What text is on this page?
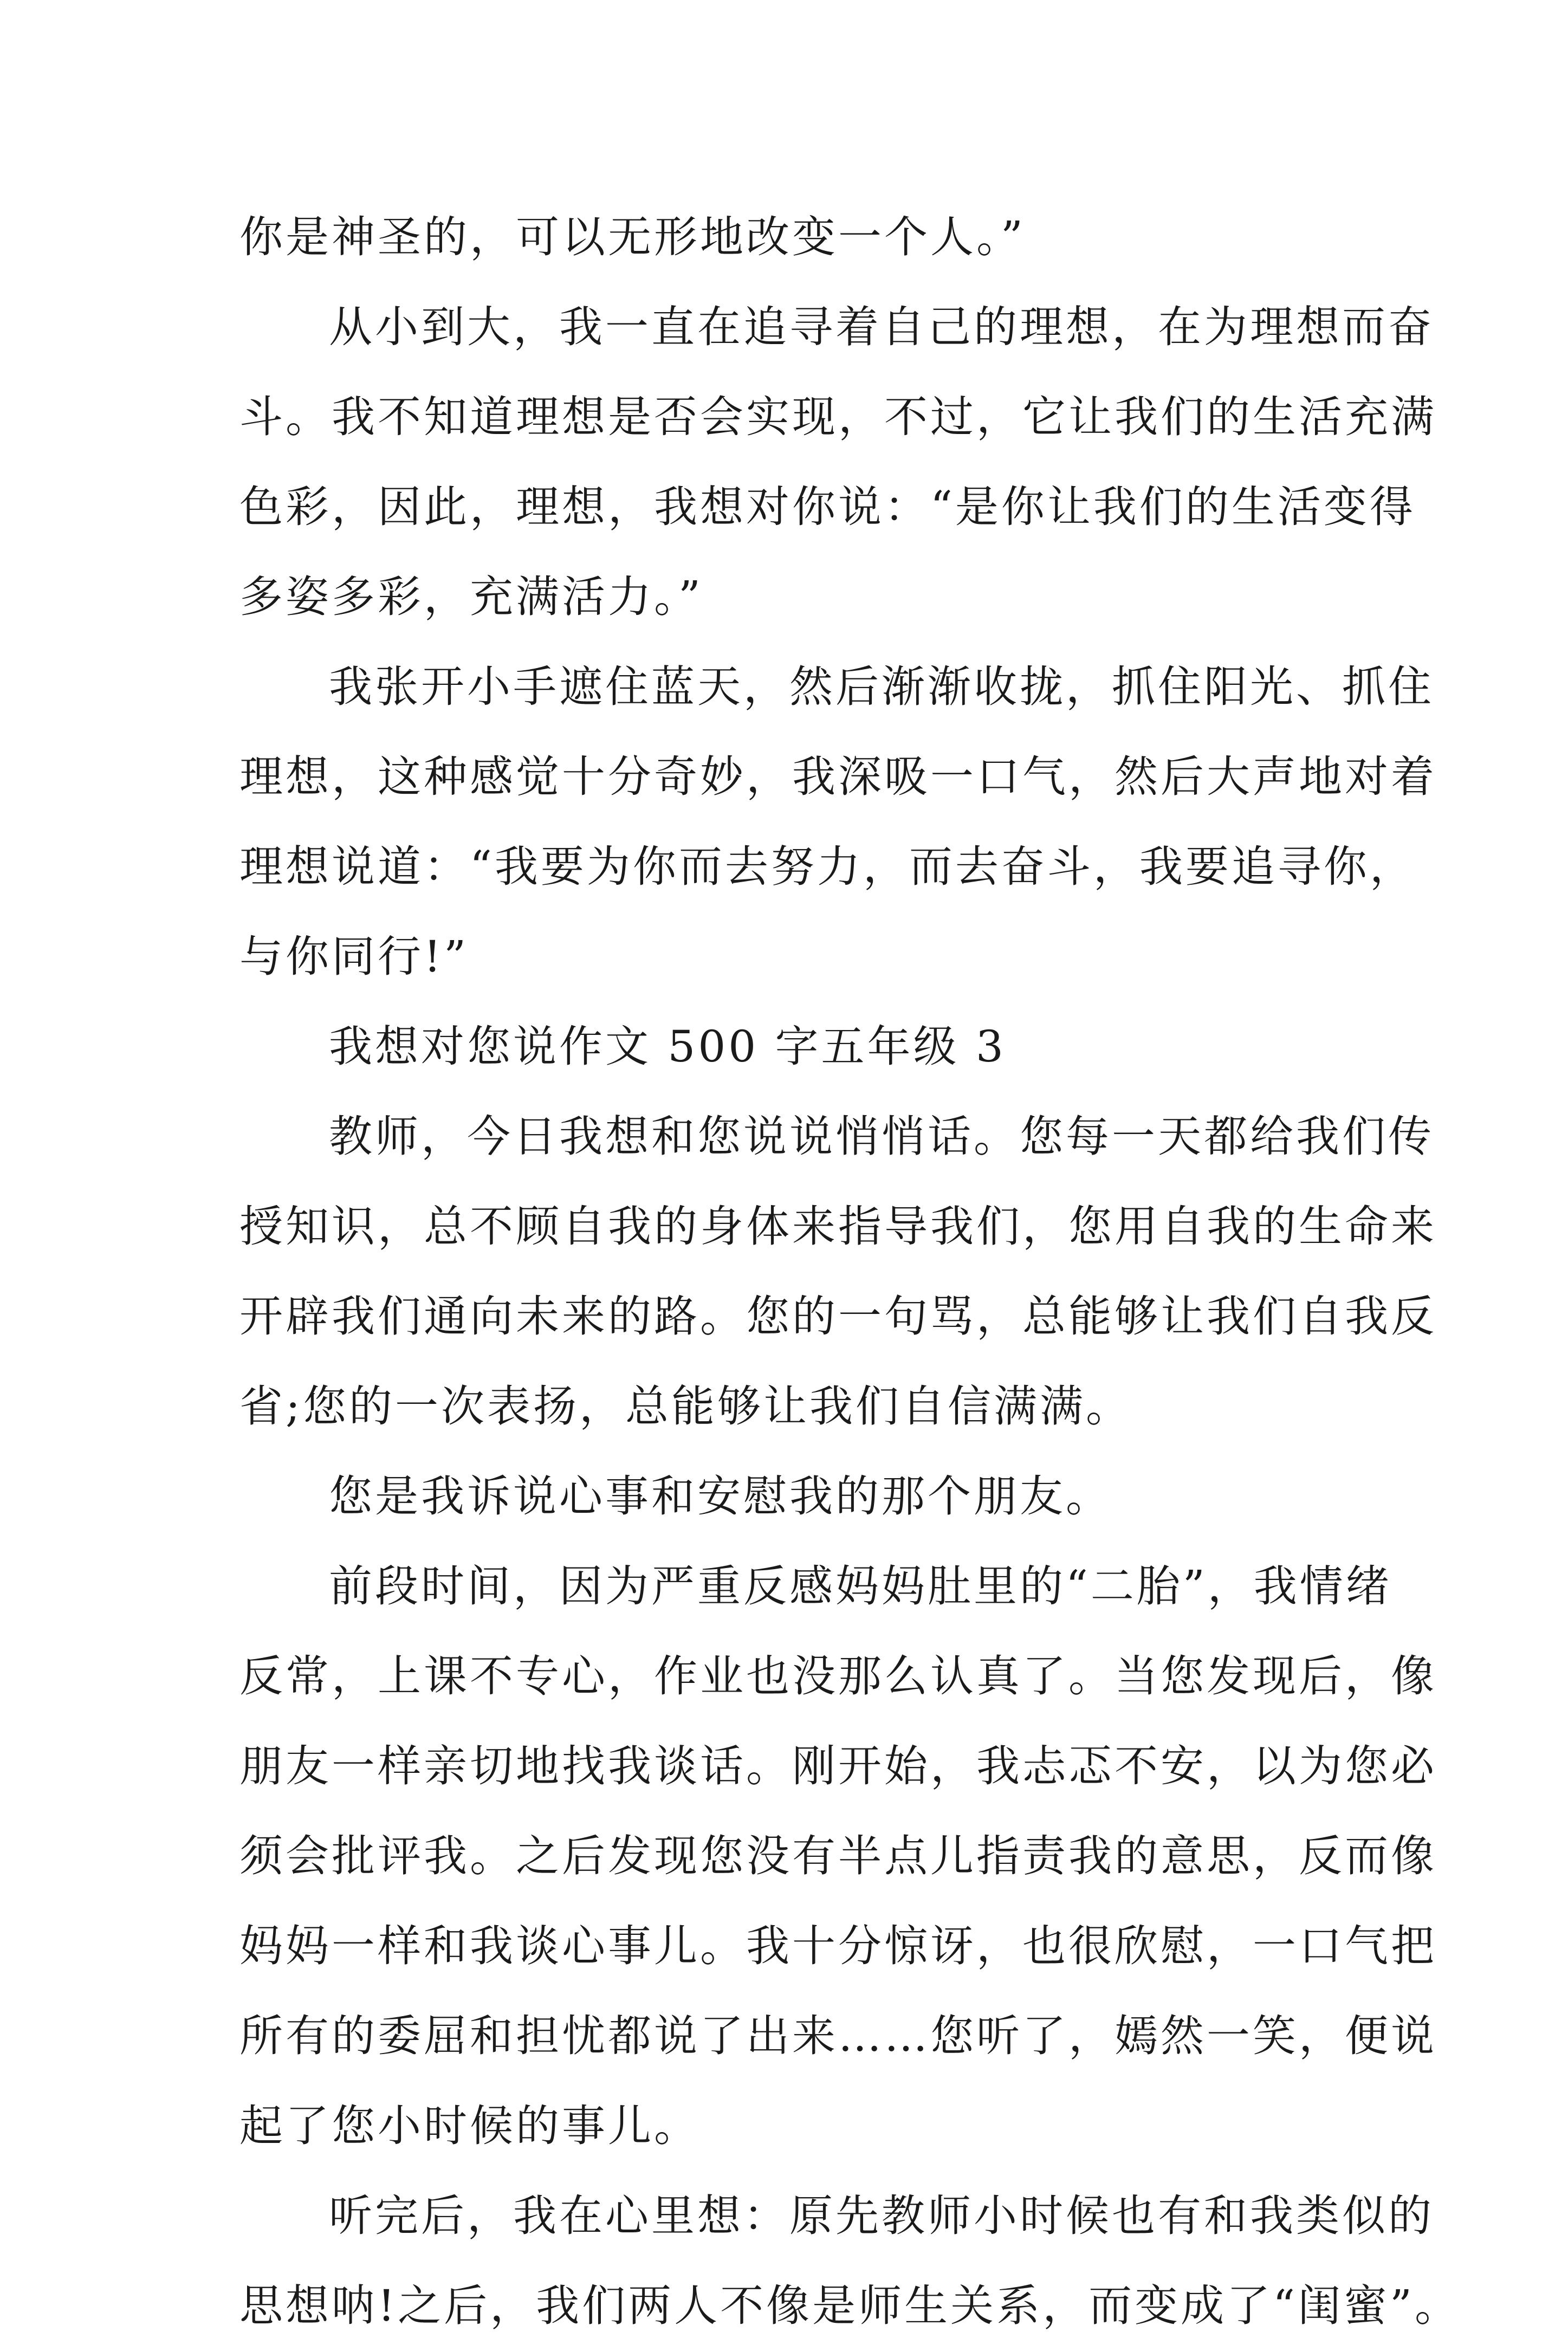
你是神圣的，可以无形地改变一个人。”
从小到大，我一直在追寻着自己的理想，在为理想而奋
斗。我不知道理想是否会实现，不过，它让我们的生活充满
色彩，因此，理想，我想对你说：“是你让我们的生活变得
多姿多彩，充满活力。”
我张开小手遮住蓝天，然后渐渐收拢，抓住阳光、抓住
理想，这种感觉十分奇妙，我深吸一口气，然后大声地对着
理想说道：“我要为你而去努力，而去奋斗，我要追寻你，
与你同行!”
我想对您说作文 500 字五年级 3
教师，今日我想和您说说悄悄话。您每一天都给我们传
授知识，总不顾自我的身体来指导我们，您用自我的生命来
开辟我们通向未来的路。您的一句骂，总能够让我们自我反
省;您的一次表扬，总能够让我们自信满满。
您是我诉说心事和安慰我的那个朋友。
前段时间，因为严重反感妈妈肚里的“二胎”，我情绪
反常，上课不专心，作业也没那么认真了。当您发现后，像
朋友一样亲切地找我谈话。刚开始，我忐忑不安，以为您必
须会批评我。之后发现您没有半点儿指责我的意思，反而像
妈妈一样和我谈心事儿。我十分惊讶，也很欣慰，一口气把
所有的委屈和担忧都说了出来……您听了，嫣然一笑，便说
起了您小时候的事儿。
听完后，我在心里想：原先教师小时候也有和我类似的
思想呐!之后，我们两人不像是师生关系，而变成了“闺蜜”。
